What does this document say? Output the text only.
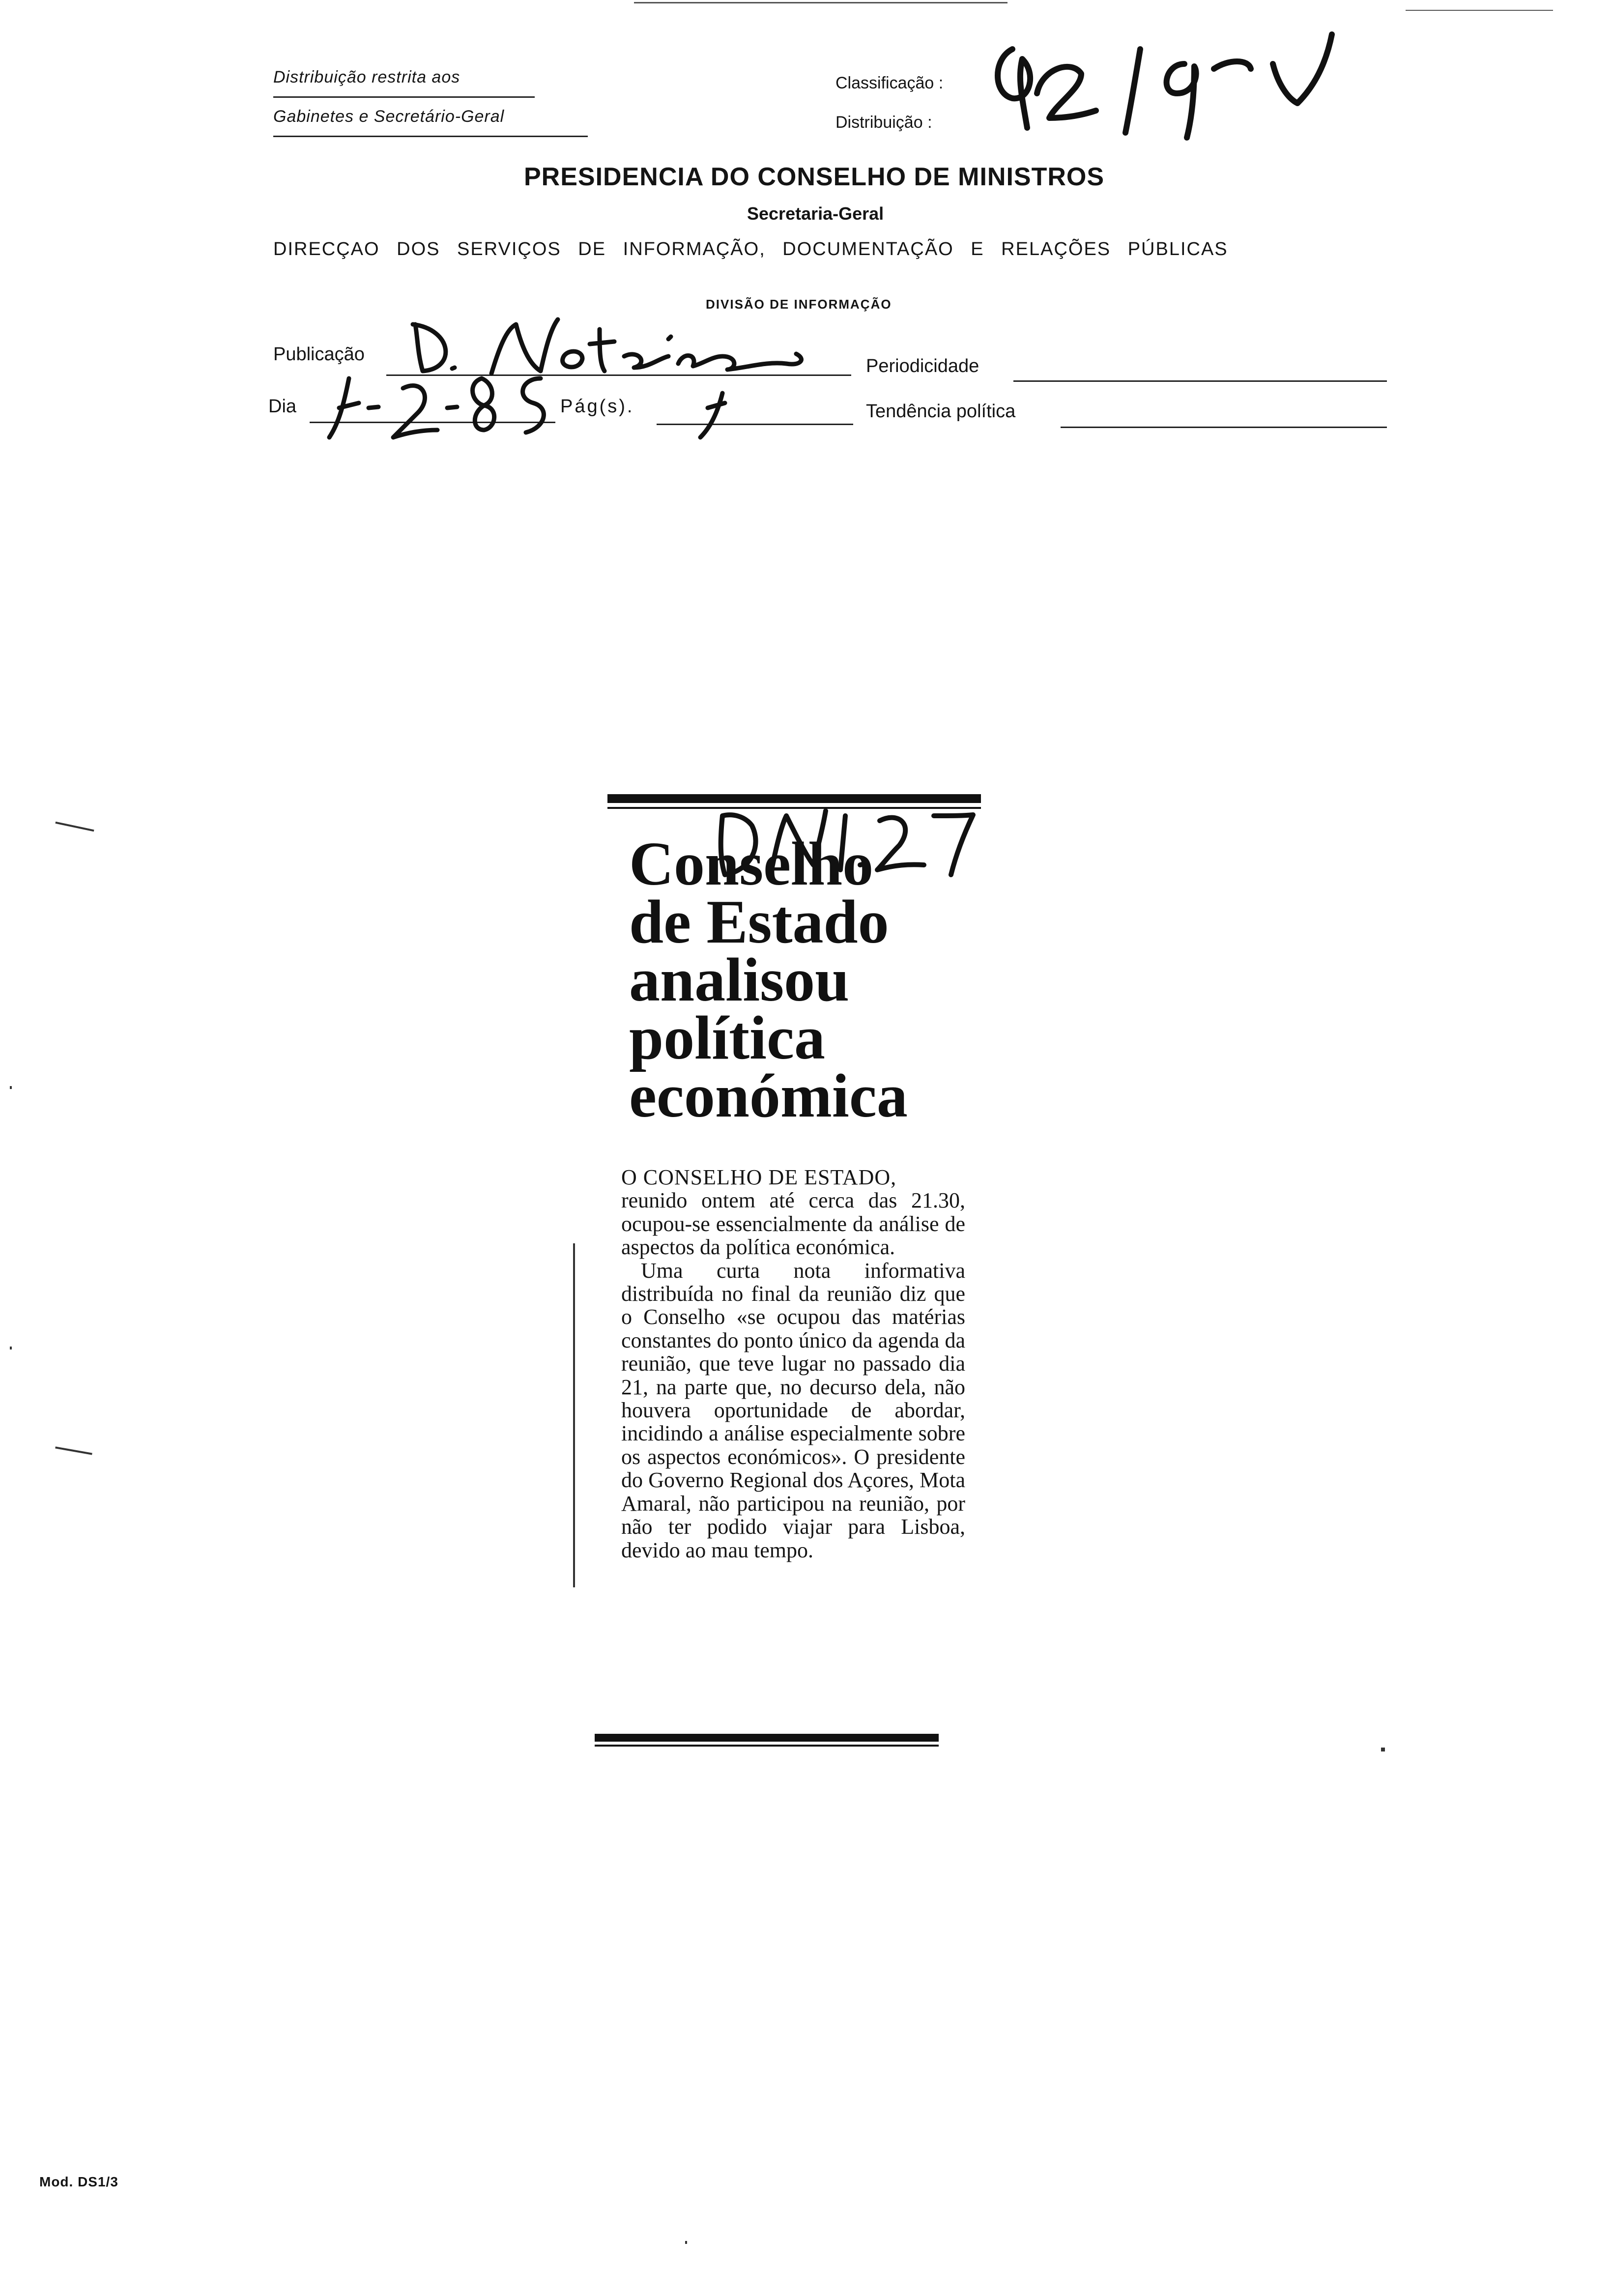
Distribuição restrita aos
Gabinetes e Secretário-Geral
Classificação :
Distribuição :
PRESIDENCIA DO CONSELHO DE MINISTROS
Secretaria-Geral
DIRECÇAO DOS SERVIÇOS DE INFORMAÇÃO, DOCUMENTAÇÃO E RELAÇÕES PÚBLICAS
DIVISÃO DE INFORMAÇÃO
Publicação
Periodicidade
Dia	Pág(s).	Tendência política
Conselho
de Estado
analisou
política
económica

O CONSELHO DE ESTADO,
reunido ontem até cerca das 21.30, ocupou-se essencialmente da análise de aspectos da política económica.

Uma curta nota informativa distribuída no final da reunião diz que o Conselho «se ocupou das matérias constantes do ponto único da agenda da reunião, que teve lugar no passado dia 21, na parte que, no decurso dela, não houvera oportunidade de abordar, incidindo a análise especialmente sobre os aspectos económicos». O presidente do Governo Regional dos Açores, Mota Amaral, não participou na reunião, por não ter podido viajar para Lisboa, devido ao mau tempo.

Mod. DS1/3
